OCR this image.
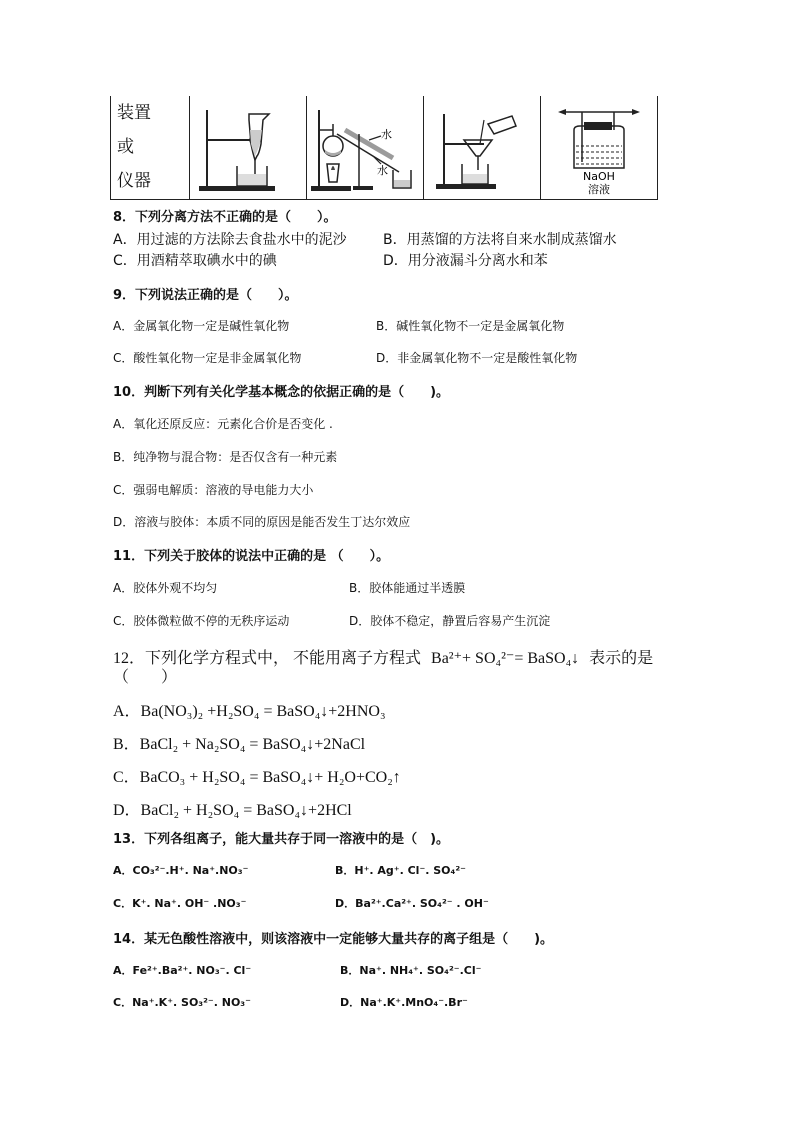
装置
或
仪器

水
水		NaOH
溶液
8．下列分离方法不正确的是（　　）。
A．用过滤的方法除去食盐水中的泥沙	B．用蒸馏的方法将自来水制成蒸馏水
C．用酒精萃取碘水中的碘	D．用分液漏斗分离水和苯
9．下列说法正确的是（　　）。
A．金属氧化物一定是碱性氧化物	B．碱性氧化物不一定是金属氧化物
C．酸性氧化物一定是非金属氧化物	D．非金属氧化物不一定是酸性氧化物
10．判断下列有关化学基本概念的依据正确的是（　　)。
A．氧化还原反应：元素化合价是否变化 .
B．纯净物与混合物：是否仅含有一种元素
C．强弱电解质：溶液的导电能力大小
D．溶液与胶体：本质不同的原因是能否发生丁达尔效应
11．下列关于胶体的说法中正确的是 （　　）。
A．胶体外观不均匀	B．胶体能通过半透膜
C．胶体微粒做不停的无秩序运动	D．胶体不稳定，静置后容易产生沉淀
12．下列化学方程式中， 不能用离子方程式 Ba²⁺+ SO₄²⁻= BaSO₄↓ 表示的是
（　　）
A．Ba(NO₃)₂ +H₂SO₄ = BaSO₄↓+2HNO₃
B．BaCl₂ + Na₂SO₄ = BaSO₄↓+2NaCl
C．BaCO₃ + H₂SO₄ = BaSO₄↓+ H₂O+CO₂↑
D．BaCl₂ + H₂SO₄ = BaSO₄↓+2HCl
13．下列各组离子，能大量共存于同一溶液中的是（　)。
A．CO₃²⁻.H⁺. Na⁺.NO₃⁻	B．H⁺. Ag⁺. Cl⁻. SO₄²⁻
C．K⁺. Na⁺. OH⁻ .NO₃⁻	D．Ba²⁺.Ca²⁺. SO₄²⁻ . OH⁻
14．某无色酸性溶液中，则该溶液中一定能够大量共存的离子组是（　　)。
A．Fe²⁺.Ba²⁺. NO₃⁻. Cl⁻	B．Na⁺. NH₄⁺. SO₄²⁻.Cl⁻
C．Na⁺.K⁺. SO₃²⁻. NO₃⁻	D．Na⁺.K⁺.MnO₄⁻.Br⁻
